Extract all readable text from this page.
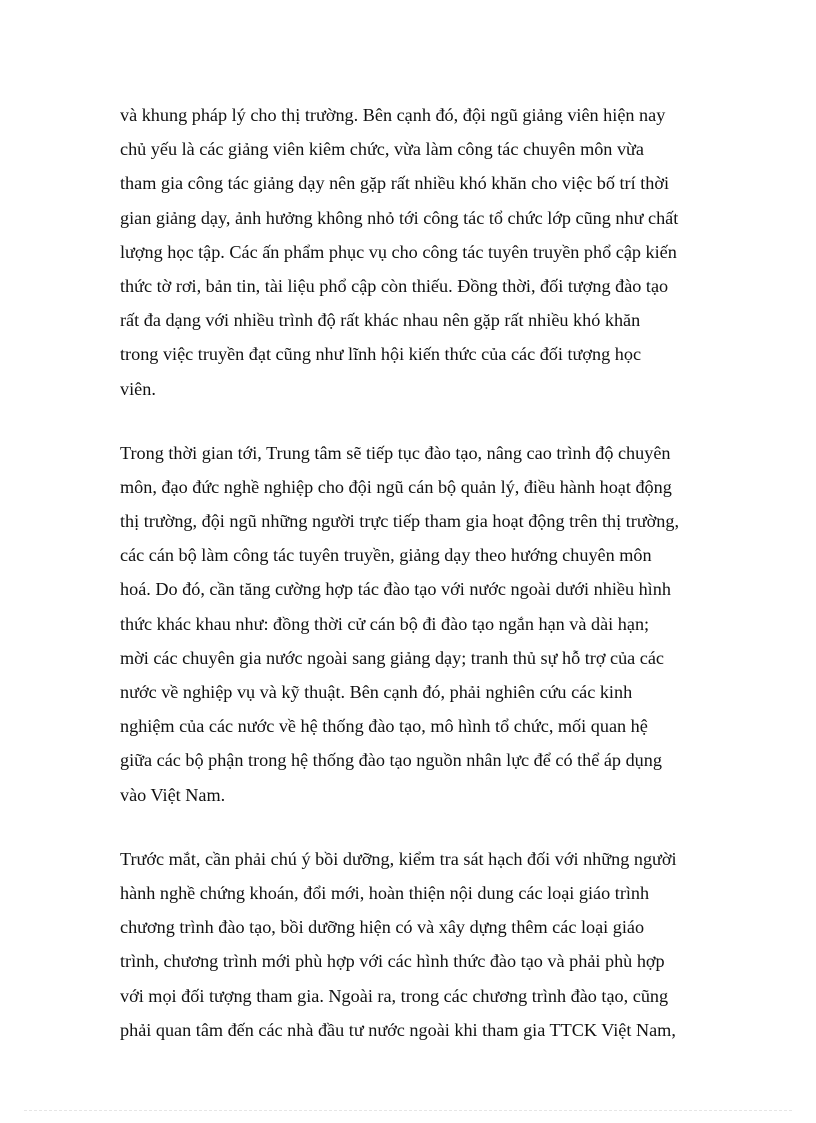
và khung pháp lý cho thị trường. Bên cạnh đó, đội ngũ giảng viên hiện nay
chủ yếu là các giảng viên kiêm chức, vừa làm công tác chuyên môn vừa
tham gia công tác giảng dạy nên gặp rất nhiều khó khăn cho việc bố trí thời
gian giảng dạy, ảnh hưởng không nhỏ tới công tác tổ chức lớp cũng như chất
lượng học tập. Các ấn phẩm phục vụ cho công tác tuyên truyền phổ cập kiến
thức tờ rơi, bản tin, tài liệu phổ cập còn thiếu. Đồng thời, đối tượng đào tạo
rất đa dạng với nhiều trình độ rất khác nhau nên gặp rất nhiều khó khăn
trong việc truyền đạt cũng như lĩnh hội kiến thức của các đối tượng học
viên.

Trong thời gian tới, Trung tâm sẽ tiếp tục đào tạo, nâng cao trình độ chuyên
môn, đạo đức nghề nghiệp cho đội ngũ cán bộ quản lý, điều hành hoạt động
thị trường, đội ngũ những người trực tiếp tham gia hoạt động trên thị trường,
các cán bộ làm công tác tuyên truyền, giảng dạy theo hướng chuyên môn
hoá. Do đó, cần tăng cường hợp tác đào tạo với nước ngoài dưới nhiều hình
thức khác khau như: đồng thời cử cán bộ đi đào tạo ngắn hạn và dài hạn;
mời các chuyên gia nước ngoài sang giảng dạy; tranh thủ sự hỗ trợ của các
nước về nghiệp vụ và kỹ thuật. Bên cạnh đó, phải nghiên cứu các kinh
nghiệm của các nước về hệ thống đào tạo, mô hình tổ chức, mối quan hệ
giữa các bộ phận trong hệ thống đào tạo nguồn nhân lực để có thể áp dụng
vào Việt Nam.

Trước mắt, cần phải chú ý bồi dưỡng, kiểm tra sát hạch đối với những người
hành nghề chứng khoán, đổi mới, hoàn thiện nội dung các loại giáo trình
chương trình đào tạo, bồi dưỡng hiện có và xây dựng thêm các loại giáo
trình, chương trình mới phù hợp với các hình thức đào tạo và phải phù hợp
với mọi đối tượng tham gia. Ngoài ra, trong các chương trình đào tạo, cũng
phải quan tâm đến các nhà đầu tư nước ngoài khi tham gia TTCK Việt Nam,
